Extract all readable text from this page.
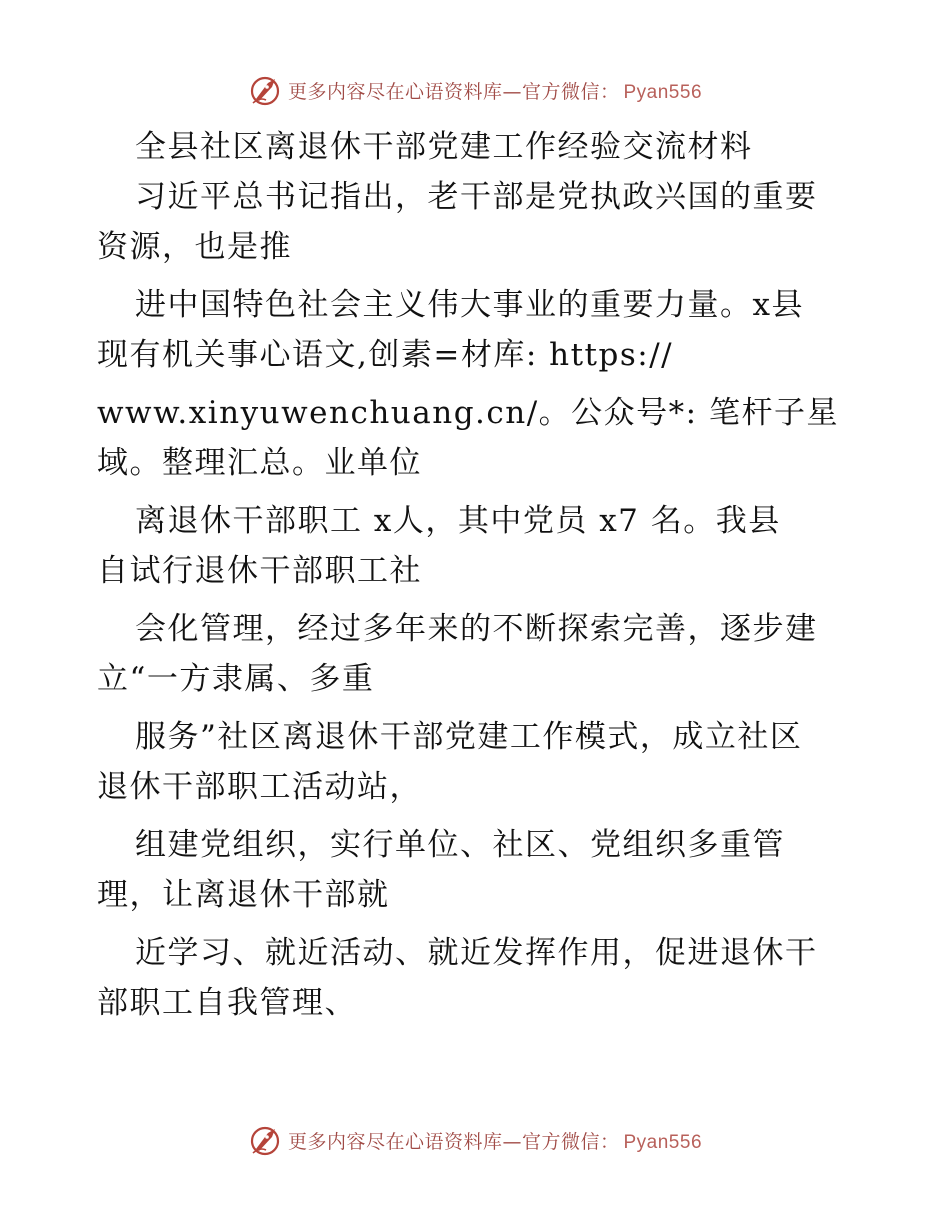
更多内容尽在心语资料库—官方微信： Pyan556
全县社区离退休干部党建工作经验交流材料
习近平总书记指出，老干部是党执政兴国的重要
资源，也是推
进中国特色社会主义伟大事业的重要力量。x县
现有机关事心语文,创素=材库: https://
www.xinyuwenchuang.cn/。公众号*: 笔杆子星
域。整理汇总。业单位
离退休干部职工 x人，其中党员 x7 名。我县
自试行退休干部职工社
会化管理，经过多年来的不断探索完善，逐步建
立“一方隶属、多重
服务”社区离退休干部党建工作模式，成立社区
退休干部职工活动站，
组建党组织，实行单位、社区、党组织多重管
理，让离退休干部就
近学习、就近活动、就近发挥作用，促进退休干
部职工自我管理、
更多内容尽在心语资料库—官方微信： Pyan556
